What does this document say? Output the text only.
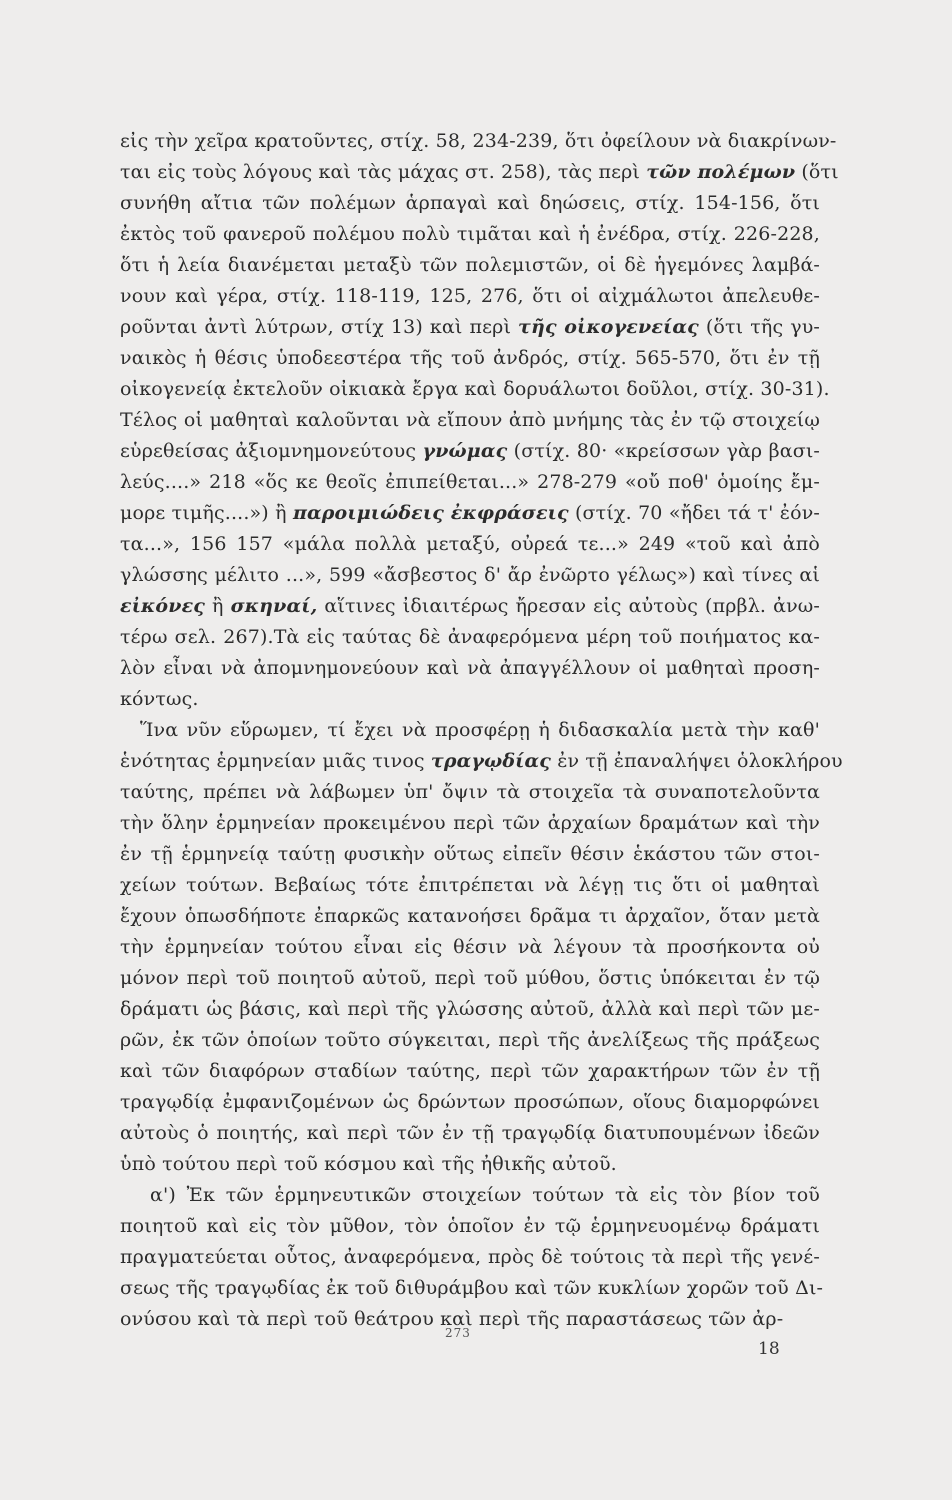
εἰς τὴν χεῖρα κρατοῦντες, στίχ. 58, 234-239, ὅτι ὀφείλουν νὰ διακρίνων-
ται εἰς τοὺς λόγους καὶ τὰς μάχας στ. 258), τὰς περὶ τῶν πολέμων (ὅτι
συνήθη αἴτια τῶν πολέμων ἁρπαγαὶ καὶ δηώσεις, στίχ. 154-156, ὅτι
ἐκτὸς τοῦ φανεροῦ πολέμου πολὺ τιμᾶται καὶ ἡ ἐνέδρα, στίχ. 226-228,
ὅτι ἡ λεία διανέμεται μεταξὺ τῶν πολεμιστῶν, οἱ δὲ ἡγεμόνες λαμβά-
νουν καὶ γέρα, στίχ. 118-119, 125, 276, ὅτι οἱ αἰχμάλωτοι ἀπελευθε-
ροῦνται ἀντὶ λύτρων, στίχ 13) καὶ περὶ τῆς οἰκογενείας (ὅτι τῆς γυ-
ναικὸς ἡ θέσις ὑποδεεστέρα τῆς τοῦ ἀνδρός, στίχ. 565-570, ὅτι ἐν τῇ
οἰκογενείᾳ ἐκτελοῦν οἰκιακὰ ἔργα καὶ δορυάλωτοι δοῦλοι, στίχ. 30-31).
Τέλος οἱ μαθηταὶ καλοῦνται νὰ εἴπουν ἀπὸ μνήμης τὰς ἐν τῷ στοιχείῳ
εὑρεθείσας ἀξιομνημονεύτους γνώμας (στίχ. 80· «κρείσσων γὰρ βασι-
λεύς....» 218 «ὅς κε θεοῖς ἐπιπείθεται...» 278-279 «οὔ ποθ' ὁμοίης ἔμ-
μορε τιμῆς....») ἢ παροιμιώδεις ἐκφράσεις (στίχ. 70 «ἤδει τά τ' ἐόν-
τα...», 156 157 «μάλα πολλὰ μεταξύ, οὐρεά τε...» 249 «τοῦ καὶ ἀπὸ
γλώσσης μέλιτο ...», 599 «ἄσβεστος δ' ἄρ ἐνῶρτο γέλως») καὶ τίνες αἱ
εἰκόνες ἢ σκηναί, αἵτινες ἰδιαιτέρως ἤρεσαν εἰς αὐτοὺς (πρβλ. ἀνω-
τέρω σελ. 267).Τὰ εἰς ταύτας δὲ ἀναφερόμενα μέρη τοῦ ποιήματος κα-
λὸν εἶναι νὰ ἀπομνημονεύουν καὶ νὰ ἀπαγγέλλουν οἱ μαθηταὶ προση-
κόντως.
Ἵνα νῦν εὕρωμεν, τί ἔχει νὰ προσφέρῃ ἡ διδασκαλία μετὰ τὴν καθ'
ἑνότητας ἑρμηνείαν μιᾶς τινος τραγῳδίας ἐν τῇ ἐπαναλήψει ὁλοκλήρου
ταύτης, πρέπει νὰ λάβωμεν ὑπ' ὄψιν τὰ στοιχεῖα τὰ συναποτελοῦντα
τὴν ὅλην ἑρμηνείαν προκειμένου περὶ τῶν ἀρχαίων δραμάτων καὶ τὴν
ἐν τῇ ἑρμηνείᾳ ταύτῃ φυσικὴν οὕτως εἰπεῖν θέσιν ἑκάστου τῶν στοι-
χείων τούτων. Βεβαίως τότε ἐπιτρέπεται νὰ λέγῃ τις ὅτι οἱ μαθηταὶ
ἔχουν ὁπωσδήποτε ἐπαρκῶς κατανοήσει δρᾶμα τι ἀρχαῖον, ὅταν μετὰ
τὴν ἑρμηνείαν τούτου εἶναι εἰς θέσιν νὰ λέγουν τὰ προσήκοντα οὐ
μόνον περὶ τοῦ ποιητοῦ αὐτοῦ, περὶ τοῦ μύθου, ὅστις ὑπόκειται ἐν τῷ
δράματι ὡς βάσις, καὶ περὶ τῆς γλώσσης αὐτοῦ, ἀλλὰ καὶ περὶ τῶν με-
ρῶν, ἐκ τῶν ὁποίων τοῦτο σύγκειται, περὶ τῆς ἀνελίξεως τῆς πράξεως
καὶ τῶν διαφόρων σταδίων ταύτης, περὶ τῶν χαρακτήρων τῶν ἐν τῇ
τραγῳδίᾳ ἐμφανιζομένων ὡς δρώντων προσώπων, οἵους διαμορφώνει
αὐτοὺς ὁ ποιητής, καὶ περὶ τῶν ἐν τῇ τραγῳδίᾳ διατυπουμένων ἰδεῶν
ὑπὸ τούτου περὶ τοῦ κόσμου καὶ τῆς ἠθικῆς αὐτοῦ.
α') Ἐκ τῶν ἑρμηνευτικῶν στοιχείων τούτων τὰ εἰς τὸν βίον τοῦ
ποιητοῦ καὶ εἰς τὸν μῦθον, τὸν ὁποῖον ἐν τῷ ἑρμηνευομένῳ δράματι
πραγματεύεται οὗτος, ἀναφερόμενα, πρὸς δὲ τούτοις τὰ περὶ τῆς γενέ-
σεως τῆς τραγῳδίας ἐκ τοῦ διθυράμβου καὶ τῶν κυκλίων χορῶν τοῦ Δι-
ονύσου καὶ τὰ περὶ τοῦ θεάτρου καὶ περὶ τῆς παραστάσεως τῶν ἀρ-
273
18
